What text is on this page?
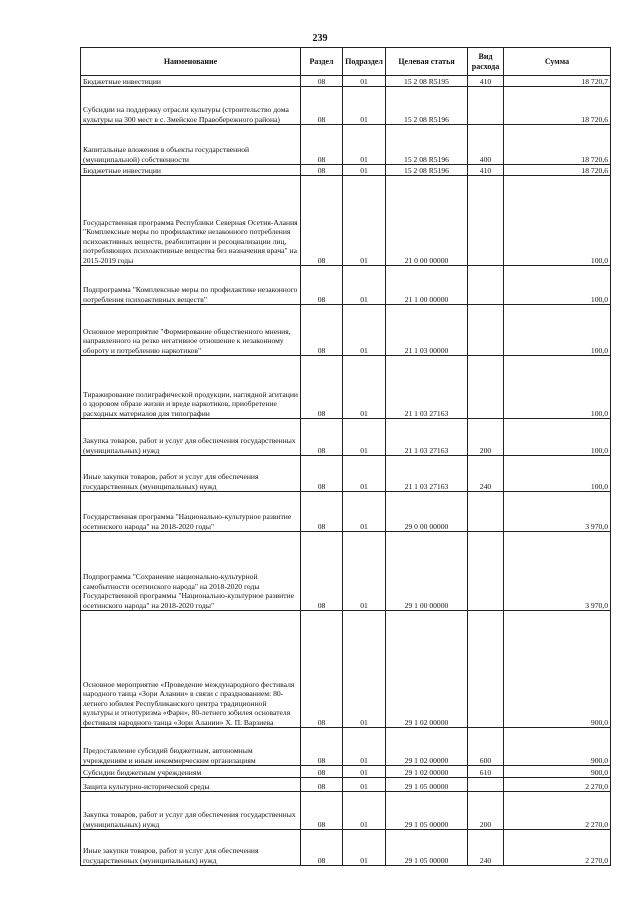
239
Наименование	Раздел	Подраздел	Целевая статья	Вид расхода	Сумма
Бюджетные инвестиции	08	01	15 2 08 R5195	410	18 720,7
Субсидии на поддержку отрасли культуры (строительство дома культуры на 300 мест в с. Змейское Правобережного района)	08	01	15 2 08 R5196		18 720,6
Капитальные вложения в объекты государственной (муниципальной) собственности	08	01	15 2 08 R5196	400	18 720,6
Бюджетные инвестиции	08	01	15 2 08 R5196	410	18 720,6
Государственная программа Республики Северная Осетия-Алания "Комплексные меры по профилактике незаконного потребления психоактивных веществ, реабилитации и ресоциализации лиц, потребляющих психоактивные вещества без назначения врача" на 2015-2019 годы	08	01	21 0 00 00000		100,0
Подпрограмма "Комплексные меры по профилактике незаконного потребления психоактивных веществ"	08	01	21 1 00 00000		100,0
Основное мероприятие "Формирование общественного мнения, направленного на резко негативное отношение к незаконному обороту и потреблению наркотиков"	08	01	21 1 03 00000		100,0
Тиражирование полиграфической продукции, наглядной агитации о здоровом образе жизни и вреде наркотиков, приобретение расходных материалов для типографии	08	01	21 1 03 27163		100,0
Закупка товаров, работ и услуг для обеспечения государственных (муниципальных) нужд	08	01	21 1 03 27163	200	100,0
Иные закупки товаров, работ и услуг для обеспечения государственных (муниципальных) нужд	08	01	21 1 03 27163	240	100,0
Государственная программа "Национально-культурное развитие осетинского народа" на 2018-2020 годы"	08	01	29 0 00 00000		3 970,0
Подпрограмма "Сохранение национально-культурной самобытности осетинского народа" на 2018-2020 годы Государственной программы "Национально-культурное развитие осетинского народа" на 2018-2020 годы"	08	01	29 1 00 00000		3 970,0
Основное мероприятие «Проведение международного фестиваля народного танца «Зори Алании» в связи с празднованием: 80-летнего юбилея Республиканского центра традиционной культуры и этнотуризма «Фарн», 80-летнего юбилея основателя фестиваля народного танца «Зори Алании» Х. П. Варзиева	08	01	29 1 02 00000		900,0
Предоставление субсидий бюджетным, автономным учреждениям и иным некоммерческим организациям	08	01	29 1 02 00000	600	900,0
Субсидии бюджетным учреждениям	08	01	29 1 02 00000	610	900,0
Защита культурно-исторической среды	08	01	29 1 05 00000		2 270,0
Закупка товаров, работ и услуг для обеспечения государственных (муниципальных) нужд	08	01	29 1 05 00000	200	2 270,0
Иные закупки товаров, работ и услуг для обеспечения государственных (муниципальных) нужд	08	01	29 1 05 00000	240	2 270,0
